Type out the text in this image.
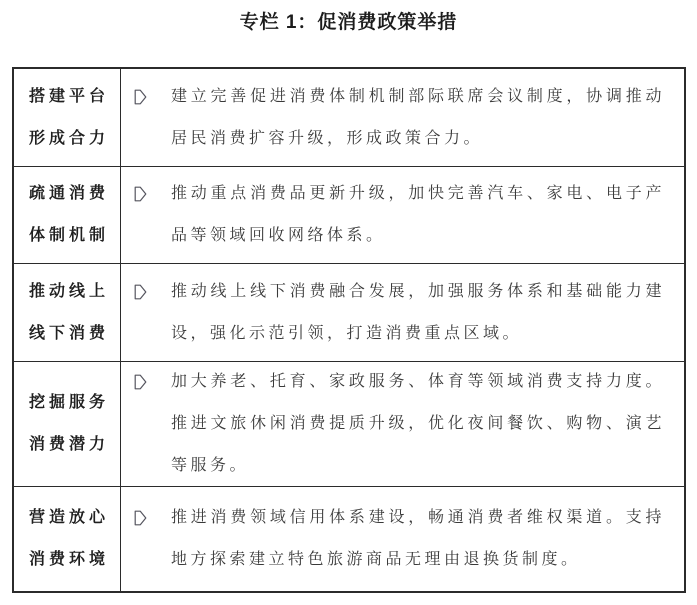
专栏 1：促消费政策举措
搭建平台
形成合力
建立完善促进消费体制机制部际联席会议制度，协调推动居民消费扩容升级，形成政策合力。
疏通消费
体制机制
推动重点消费品更新升级，加快完善汽车、家电、电子产品等领域回收网络体系。
推动线上
线下消费
推动线上线下消费融合发展，加强服务体系和基础能力建设，强化示范引领，打造消费重点区域。
挖掘服务
消费潜力
加大养老、托育、家政服务、体育等领域消费支持力度。推进文旅休闲消费提质升级，优化夜间餐饮、购物、演艺等服务。
营造放心
消费环境
推进消费领域信用体系建设，畅通消费者维权渠道。支持地方探索建立特色旅游商品无理由退换货制度。
